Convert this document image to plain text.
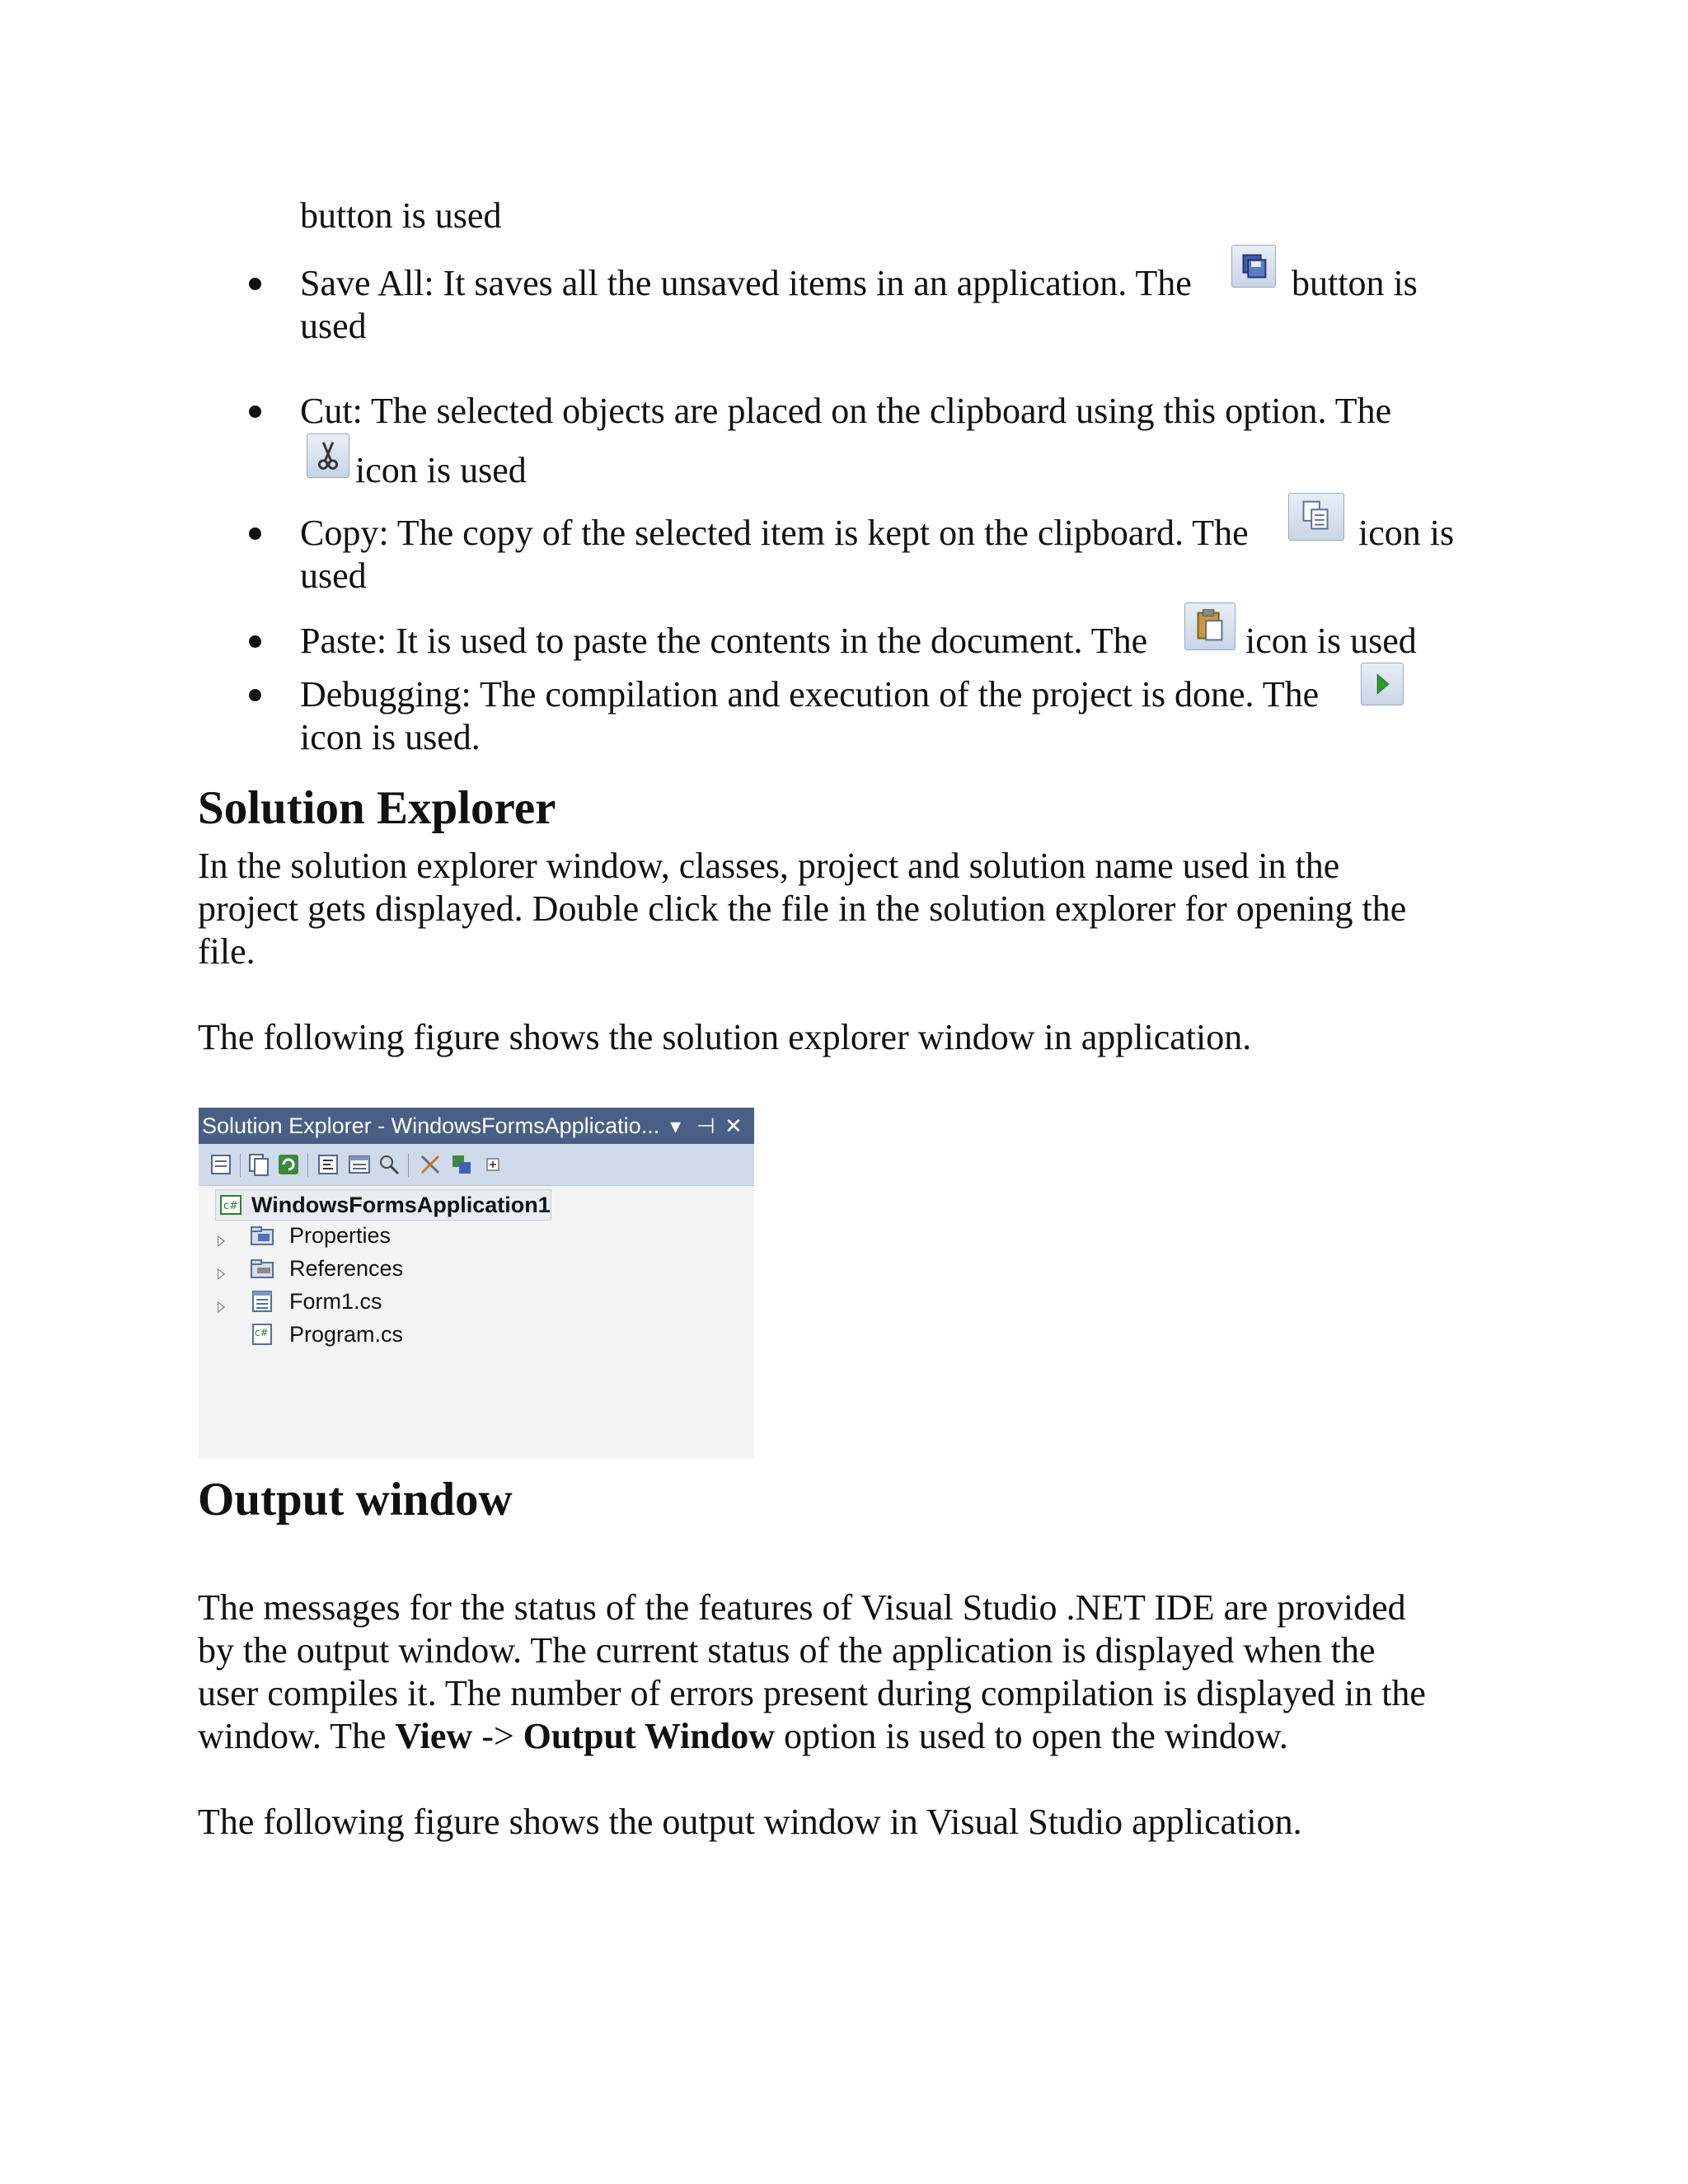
button is used
Save All: It saves all the unsaved items in an application. The	button is
used
Cut: The selected objects are placed on the clipboard using this option. The
icon is used
Copy: The copy of the selected item is kept on the clipboard. The	icon is
used
Paste: It is used to paste the contents in the document. The	icon is used
Debugging: The compilation and execution of the project is done. The
icon is used.
Solution Explorer
In the solution explorer window, classes, project and solution name used in the
project gets displayed. Double click the file in the solution explorer for opening the
file.
The following figure shows the solution explorer window in application.
Solution Explorer - WindowsFormsApplicatio... ▾ ⊣ ✕
c# WindowsFormsApplication1
Properties
References
Form1.cs
c# Program.cs
Output window
The messages for the status of the features of Visual Studio .NET IDE are provided
by the output window. The current status of the application is displayed when the
user compiles it. The number of errors present during compilation is displayed in the
window. The View -> Output Window option is used to open the window.
The following figure shows the output window in Visual Studio application.
